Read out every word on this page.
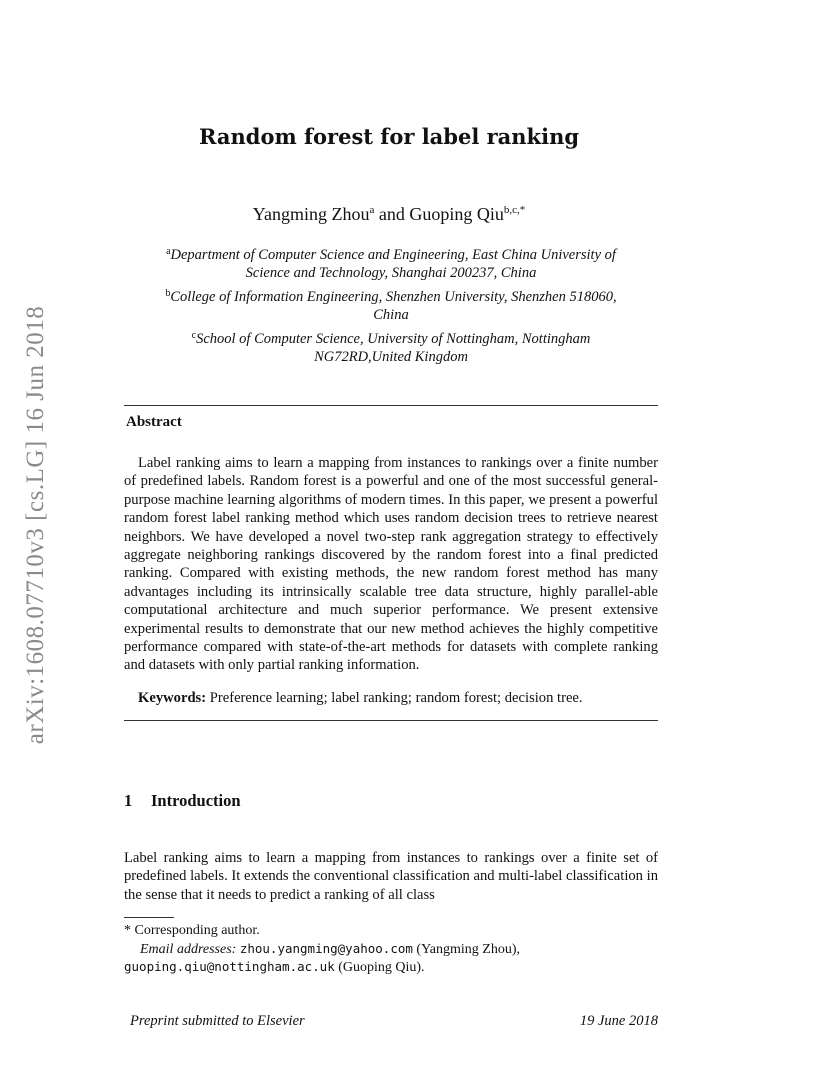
arXiv:1608.07710v3 [cs.LG] 16 Jun 2018
Random forest for label ranking
Yangming Zhou$^a$ and Guoping Qiu$^{b,c,*}$
$^a$Department of Computer Science and Engineering, East China University of
Science and Technology, Shanghai 200237, China
$^b$College of Information Engineering, Shenzhen University, Shenzhen 518060,
China
$^c$School of Computer Science, University of Nottingham, Nottingham
NG72RD,United Kingdom
Abstract
Label ranking aims to learn a mapping from instances to rankings over a finite number of predefined labels. Random forest is a powerful and one of the most successful general-purpose machine learning algorithms of modern times. In this paper, we present a powerful random forest label ranking method which uses random decision trees to retrieve nearest neighbors. We have developed a novel two-step rank aggregation strategy to effectively aggregate neighboring rankings discovered by the random forest into a final predicted ranking. Compared with existing methods, the new random forest method has many advantages including its intrinsically scalable tree data structure, highly parallel-able computational architecture and much superior performance. We present extensive experimental results to demonstrate that our new method achieves the highly competitive performance compared with state-of-the-art methods for datasets with complete ranking and datasets with only partial ranking information.
Keywords: Preference learning; label ranking; random forest; decision tree.
1 Introduction
Label ranking aims to learn a mapping from instances to rankings over a finite set of predefined labels. It extends the conventional classification and multi-label classification in the sense that it needs to predict a ranking of all class
* Corresponding author.
Email addresses: zhou.yangming@yahoo.com (Yangming Zhou),
guoping.qiu@nottingham.ac.uk (Guoping Qiu).
Preprint submitted to Elsevier	19 June 2018
